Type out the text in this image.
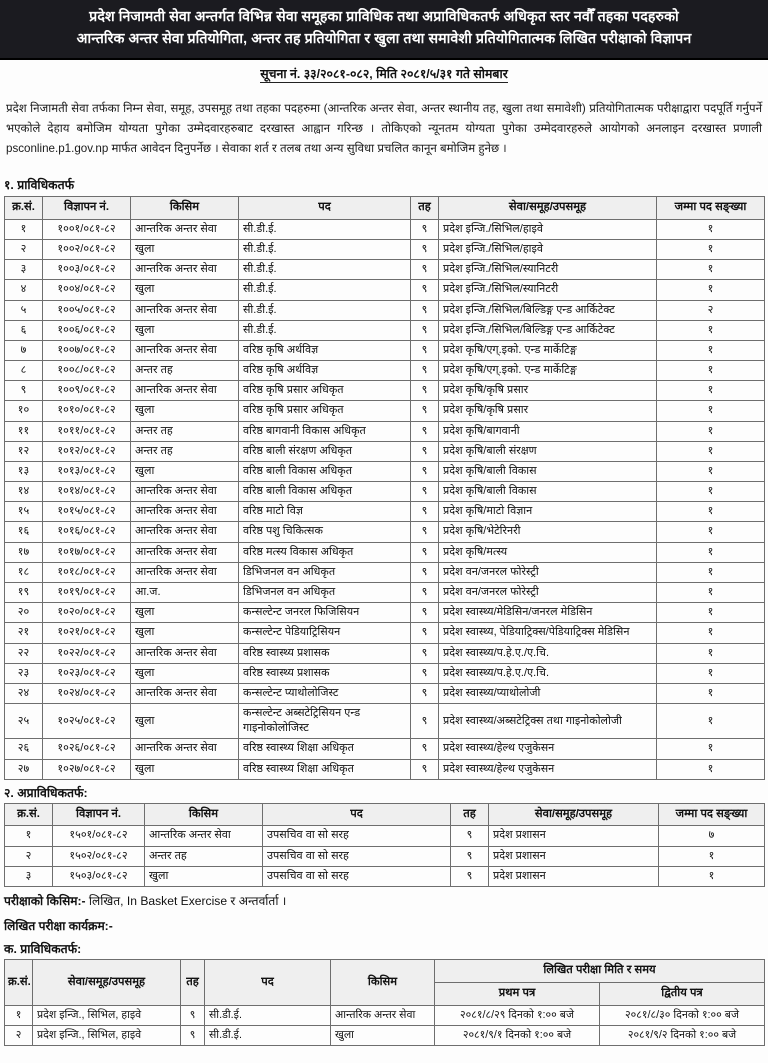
प्रदेश निजामती सेवा अन्तर्गत विभिन्न सेवा समूहका प्राविधिक तथा अप्राविधिकतर्फ अधिकृत स्तर नवौँ तहका पदहरुको
आन्तरिक अन्तर सेवा प्रतियोगिता, अन्तर तह प्रतियोगिता र खुला तथा समावेशी प्रतियोगितात्मक लिखित परीक्षाको विज्ञापन
सूचना नं. ३३/२०८१-०८२, मिति २०८१/५/३१ गते सोमबार

प्रदेश निजामती सेवा तर्फका निम्न सेवा, समूह, उपसमूह तथा तहका पदहरुमा (आन्तरिक अन्तर सेवा, अन्तर स्थानीय तह, खुला तथा समावेशी) प्रतियोगितात्मक परीक्षाद्वारा पदपूर्ति गर्नुपर्ने भएकोले देहाय बमोजिम योग्यता पुगेका उम्मेदवारहरुबाट दरखास्त आह्वान गरिन्छ । तोकिएको न्यूनतम योग्यता पुगेका उम्मेदवारहरुले आयोगको अनलाइन दरखास्त प्रणाली psconline.p1.gov.np मार्फत आवेदन दिनुपर्नेछ । सेवाका शर्त र तलब तथा अन्य सुविधा प्रचलित कानून बमोजिम हुनेछ ।

१. प्राविधिकतर्फ
क्र.सं.	विज्ञापन नं.	किसिम	पद	तह	सेवा/समूह/उपसमूह	जम्मा पद सङ्ख्या
१	१००१/०८१-८२	आन्तरिक अन्तर सेवा	सी.डी.ई.	९	प्रदेश इन्जि./सिभिल/हाइवे	१
२	१००२/०८१-८२	खुला	सी.डी.ई.	९	प्रदेश इन्जि./सिभिल/हाइवे	१
३	१००३/०८१-८२	आन्तरिक अन्तर सेवा	सी.डी.ई.	९	प्रदेश इन्जि./सिभिल/स्यानिटरी	१
४	१००४/०८१-८२	खुला	सी.डी.ई.	९	प्रदेश इन्जि./सिभिल/स्यानिटरी	१
५	१००५/०८१-८२	आन्तरिक अन्तर सेवा	सी.डी.ई.	९	प्रदेश इन्जि./सिभिल/बिल्डिङ्ग एन्ड आर्किटेक्ट	२
६	१००६/०८१-८२	खुला	सी.डी.ई.	९	प्रदेश इन्जि./सिभिल/बिल्डिङ्ग एन्ड आर्किटेक्ट	१
७	१००७/०८१-८२	आन्तरिक अन्तर सेवा	वरिष्ठ कृषि अर्थविज्ञ	९	प्रदेश कृषि/एग्.इको. एन्ड मार्केटिङ्ग	१
८	१००८/०८१-८२	अन्तर तह	वरिष्ठ कृषि अर्थविज्ञ	९	प्रदेश कृषि/एग्.इको. एन्ड मार्केटिङ्ग	१
९	१००९/०८१-८२	आन्तरिक अन्तर सेवा	वरिष्ठ कृषि प्रसार अधिकृत	९	प्रदेश कृषि/कृषि प्रसार	१
१०	१०१०/०८१-८२	खुला	वरिष्ठ कृषि प्रसार अधिकृत	९	प्रदेश कृषि/कृषि प्रसार	१
११	१०११/०८१-८२	अन्तर तह	वरिष्ठ बागवानी विकास अधिकृत	९	प्रदेश कृषि/बागवानी	१
१२	१०१२/०८१-८२	अन्तर तह	वरिष्ठ बाली संरक्षण अधिकृत	९	प्रदेश कृषि/बाली संरक्षण	१
१३	१०१३/०८१-८२	खुला	वरिष्ठ बाली विकास अधिकृत	९	प्रदेश कृषि/बाली विकास	१
१४	१०१४/०८१-८२	आन्तरिक अन्तर सेवा	वरिष्ठ बाली विकास अधिकृत	९	प्रदेश कृषि/बाली विकास	१
१५	१०१५/०८१-८२	आन्तरिक अन्तर सेवा	वरिष्ठ माटो विज्ञ	९	प्रदेश कृषि/माटो विज्ञान	१
१६	१०१६/०८१-८२	आन्तरिक अन्तर सेवा	वरिष्ठ पशु चिकित्सक	९	प्रदेश कृषि/भेटेरिनरी	१
१७	१०१७/०८१-८२	आन्तरिक अन्तर सेवा	वरिष्ठ मत्स्य विकास अधिकृत	९	प्रदेश कृषि/मत्स्य	१
१८	१०१८/०८१-८२	आन्तरिक अन्तर सेवा	डिभिजनल वन अधिकृत	९	प्रदेश वन/जनरल फोरेस्ट्री	१
१९	१०१९/०८१-८२	आ.ज.	डिभिजनल वन अधिकृत	९	प्रदेश वन/जनरल फोरेस्ट्री	१
२०	१०२०/०८१-८२	खुला	कन्सल्टेन्ट जनरल फिजिसियन	९	प्रदेश स्वास्थ्य/मेडिसिन/जनरल मेडिसिन	१
२१	१०२१/०८१-८२	खुला	कन्सल्टेन्ट पेडियाट्रिसियन	९	प्रदेश स्वास्थ्य, पेडियाट्रिक्स/पेडियाट्रिक्स मेडिसिन	१
२२	१०२२/०८१-८२	आन्तरिक अन्तर सेवा	वरिष्ठ स्वास्थ्य प्रशासक	९	प्रदेश स्वास्थ्य/प.हे.ए./ए.चि.	१
२३	१०२३/०८१-८२	खुला	वरिष्ठ स्वास्थ्य प्रशासक	९	प्रदेश स्वास्थ्य/प.हे.ए./ए.चि.	१
२४	१०२४/०८१-८२	आन्तरिक अन्तर सेवा	कन्सल्टेन्ट प्याथोलोजिस्ट	९	प्रदेश स्वास्थ्य/प्याथोलोजी	१
२५	१०२५/०८१-८२	खुला	कन्सल्टेन्ट अब्सटेट्रिसियन एन्ड गाइनोकोलोजिस्ट	९	प्रदेश स्वास्थ्य/अब्सटेट्रिक्स तथा गाइनोकोलोजी	१
२६	१०२६/०८१-८२	आन्तरिक अन्तर सेवा	वरिष्ठ स्वास्थ्य शिक्षा अधिकृत	९	प्रदेश स्वास्थ्य/हेल्थ एजुकेसन	१
२७	१०२७/०८१-८२	खुला	वरिष्ठ स्वास्थ्य शिक्षा अधिकृत	९	प्रदेश स्वास्थ्य/हेल्थ एजुकेसन	१
२. अप्राविधिकतर्फ:
क्र.सं.	विज्ञापन नं.	किसिम	पद	तह	सेवा/समूह/उपसमूह	जम्मा पद सङ्ख्या
१	१५०१/०८१-८२	आन्तरिक अन्तर सेवा	उपसचिव वा सो सरह	९	प्रदेश प्रशासन	७
२	१५०२/०८१-८२	अन्तर तह	उपसचिव वा सो सरह	९	प्रदेश प्रशासन	१
३	१५०३/०८१-८२	खुला	उपसचिव वा सो सरह	९	प्रदेश प्रशासन	१
परीक्षाको किसिम:- लिखित, In Basket Exercise र अन्तर्वार्ता ।
लिखित परीक्षा कार्यक्रम:-
क. प्राविधिकतर्फ:
क्र.सं.	सेवा/समूह/उपसमूह	तह	पद	किसिम	लिखित परीक्षा मिति र समय	
					प्रथम पत्र	द्वितीय पत्र
१	प्रदेश इन्जि., सिभिल, हाइवे	९	सी.डी.ई.	आन्तरिक अन्तर सेवा	२०८१/८/२९ दिनको १:०० बजे	२०८१/८/३० दिनको १:०० बजे
२	प्रदेश इन्जि., सिभिल, हाइवे	९	सी.डी.ई.	खुला	२०८१/९/१ दिनको १:०० बजे	२०८१/९/२ दिनको १:०० बजे
